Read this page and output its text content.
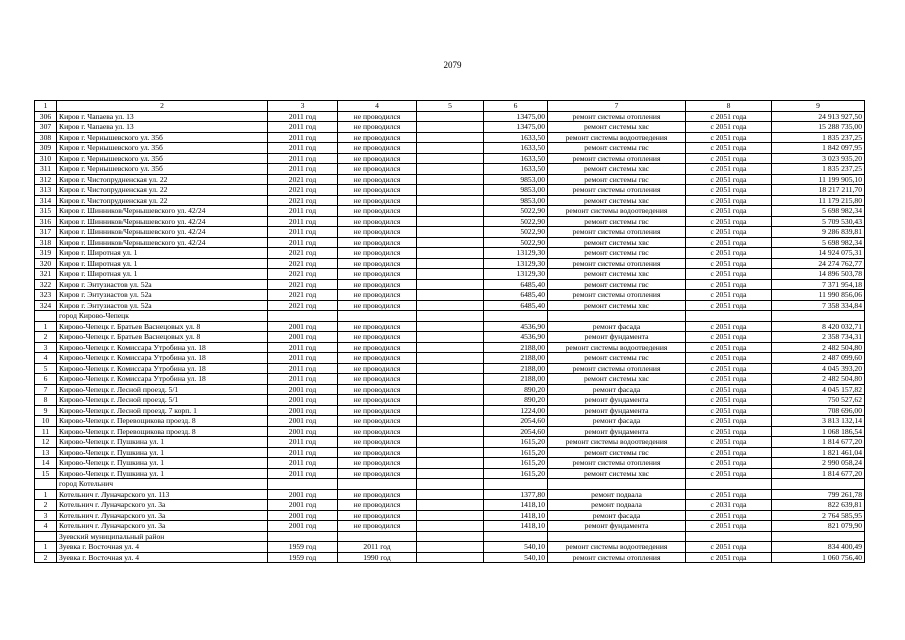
2079
1	2	3	4	5	6	7	8	9
306	Киров г. Чапаева ул. 13	2011 год	не проводился		13475,00	ремонт системы отопления	с 2051 года	24 913 927,50
307	Киров г. Чапаева ул. 13	2011 год	не проводился		13475,00	ремонт системы хвс	с 2051 года	15 288 735,00
308	Киров г. Чернышевского ул. 35б	2011 год	не проводился		1633,50	ремонт системы водоотведения	с 2051 года	1 835 237,25
309	Киров г. Чернышевского ул. 35б	2011 год	не проводился		1633,50	ремонт системы гвс	с 2051 года	1 842 097,95
310	Киров г. Чернышевского ул. 35б	2011 год	не проводился		1633,50	ремонт системы отопления	с 2051 года	3 023 935,20
311	Киров г. Чернышевского ул. 35б	2011 год	не проводился		1633,50	ремонт системы хвс	с 2051 года	1 835 237,25
312	Киров г. Чистопрудненская ул. 22	2021 год	не проводился		9853,00	ремонт системы гвс	с 2051 года	11 199 905,10
313	Киров г. Чистопрудненская ул. 22	2021 год	не проводился		9853,00	ремонт системы отопления	с 2051 года	18 217 211,70
314	Киров г. Чистопрудненская ул. 22	2021 год	не проводился		9853,00	ремонт системы хвс	с 2051 года	11 179 215,80
315	Киров г. Шинников/Чернышевского ул. 42/24	2011 год	не проводился		5022,90	ремонт системы водоотведения	с 2051 года	5 698 982,34
316	Киров г. Шинников/Чернышевского ул. 42/24	2011 год	не проводился		5022,90	ремонт системы гвс	с 2051 года	5 709 530,43
317	Киров г. Шинников/Чернышевского ул. 42/24	2011 год	не проводился		5022,90	ремонт системы отопления	с 2051 года	9 286 839,81
318	Киров г. Шинников/Чернышевского ул. 42/24	2011 год	не проводился		5022,90	ремонт системы хвс	с 2051 года	5 698 982,34
319	Киров г. Широтная ул. 1	2021 год	не проводился		13129,30	ремонт системы гвс	с 2051 года	14 924 075,31
320	Киров г. Широтная ул. 1	2021 год	не проводился		13129,30	ремонт системы отопления	с 2051 года	24 274 762,77
321	Киров г. Широтная ул. 1	2021 год	не проводился		13129,30	ремонт системы хвс	с 2051 года	14 896 503,78
322	Киров г. Энтузиастов ул. 52а	2021 год	не проводился		6485,40	ремонт системы гвс	с 2051 года	7 371 954,18
323	Киров г. Энтузиастов ул. 52а	2021 год	не проводился		6485,40	ремонт системы отопления	с 2051 года	11 990 856,06
324	Киров г. Энтузиастов ул. 52а	2021 год	не проводился		6485,40	ремонт системы хвс	с 2051 года	7 358 334,84
	город Кирово-Чепецк							
1	Кирово-Чепецк г. Братьев Васнецовых ул. 8	2001 год	не проводился		4536,90	ремонт фасада	с 2051 года	8 420 032,71
2	Кирово-Чепецк г. Братьев Васнецовых ул. 8	2001 год	не проводился		4536,90	ремонт фундамента	с 2051 года	2 358 734,31
3	Кирово-Чепецк г. Комиссара Утробина ул. 18	2011 год	не проводился		2188,00	ремонт системы водоотведения	с 2051 года	2 482 504,80
4	Кирово-Чепецк г. Комиссара Утробина ул. 18	2011 год	не проводился		2188,00	ремонт системы гвс	с 2051 года	2 487 099,60
5	Кирово-Чепецк г. Комиссара Утробина ул. 18	2011 год	не проводился		2188,00	ремонт системы отопления	с 2051 года	4 045 393,20
6	Кирово-Чепецк г. Комиссара Утробина ул. 18	2011 год	не проводился		2188,00	ремонт системы хвс	с 2051 года	2 482 504,80
7	Кирово-Чепецк г. Лесной проезд. 5/1	2001 год	не проводился		890,20	ремонт фасада	с 2051 года	4 045 157,82
8	Кирово-Чепецк г. Лесной проезд. 5/1	2001 год	не проводился		890,20	ремонт фундамента	с 2051 года	750 527,62
9	Кирово-Чепецк г. Лесной проезд. 7 корп. 1	2001 год	не проводился		1224,00	ремонт фундамента	с 2051 года	708 696,00
10	Кирово-Чепецк г. Перевощикова проезд. 8	2001 год	не проводился		2054,60	ремонт фасада	с 2051 года	3 813 132,14
11	Кирово-Чепецк г. Перевощикова проезд. 8	2001 год	не проводился		2054,60	ремонт фундамента	с 2051 года	1 068 186,54
12	Кирово-Чепецк г. Пушкина ул. 1	2011 год	не проводился		1615,20	ремонт системы водоотведения	с 2051 года	1 814 677,20
13	Кирово-Чепецк г. Пушкина ул. 1	2011 год	не проводился		1615,20	ремонт системы гвс	с 2051 года	1 821 461,04
14	Кирово-Чепецк г. Пушкина ул. 1	2011 год	не проводился		1615,20	ремонт системы отопления	с 2051 года	2 990 058,24
15	Кирово-Чепецк г. Пушкина ул. 1	2011 год	не проводился		1615,20	ремонт системы хвс	с 2051 года	1 814 677,20
	город Котельнич							
1	Котельнич г. Луначарского ул. 113	2001 год	не проводился		1377,80	ремонт подвала	с 2051 года	799 261,78
2	Котельнич г. Луначарского ул. 3а	2001 год	не проводился		1418,10	ремонт подвала	с 2031 года	822 639,81
3	Котельнич г. Луначарского ул. 3а	2001 год	не проводился		1418,10	ремонт фасада	с 2051 года	2 764 585,95
4	Котельнич г. Луначарского ул. 3а	2001 год	не проводился		1418,10	ремонт фундамента	с 2051 года	821 079,90
	Зуевский муниципальный район							
1	Зуевка г. Восточная ул. 4	1959 год	2011 год		540,10	ремонт системы водоотведения	с 2051 года	834 400,49
2	Зуевка г. Восточная ул. 4	1959 год	1990 год		540,10	ремонт системы отопления	с 2051 года	1 060 756,40
